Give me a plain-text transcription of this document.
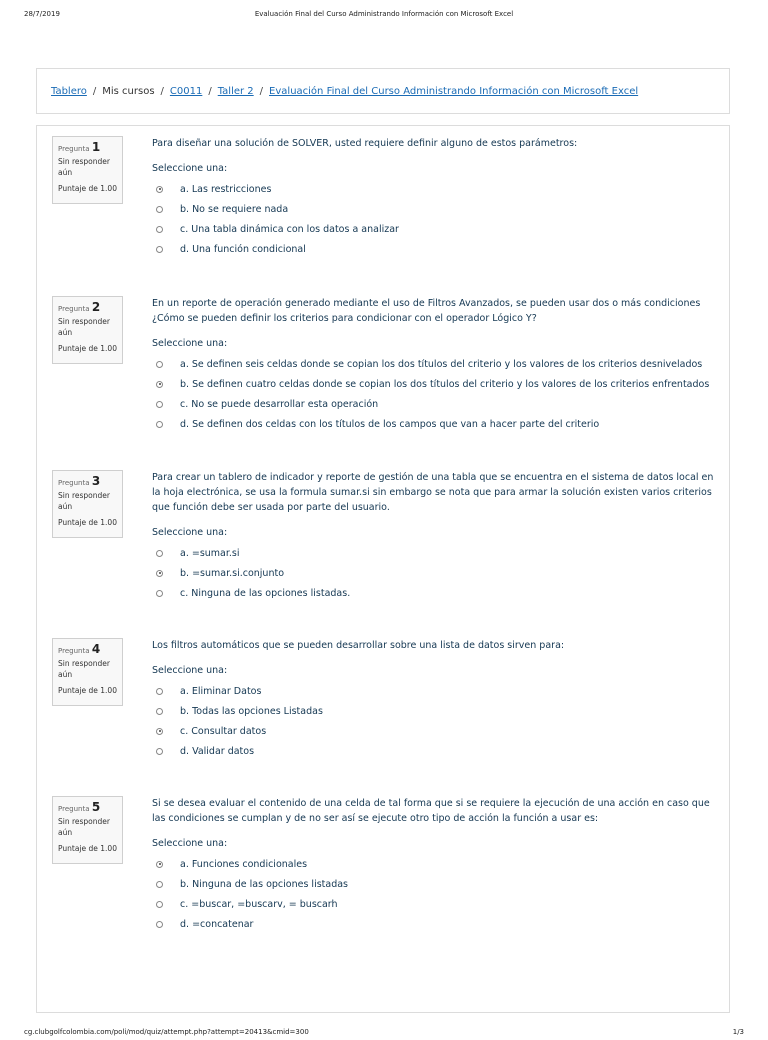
28/7/2019	Evaluación Final del Curso Administrando Información con Microsoft Excel
Tablero / Mis cursos / C0011 / Taller 2 / Evaluación Final del Curso Administrando Información con Microsoft Excel
Pregunta 1
Sin responder aún
Puntaje de 1.00

Para diseñar una solución de SOLVER, usted requiere definir alguno de estos parámetros:

Seleccione una:
a. Las restricciones
b. No se requiere nada
c. Una tabla dinámica con los datos a analizar
d. Una función condicional
Pregunta 2
Sin responder aún
Puntaje de 1.00

En un reporte de operación generado mediante el uso de Filtros Avanzados, se pueden usar dos o más condiciones ¿Cómo se pueden definir los criterios para condicionar con el operador Lógico Y?

Seleccione una:
a. Se definen seis celdas donde se copian los dos títulos del criterio y los valores de los criterios desnivelados
b. Se definen cuatro celdas donde se copian los dos títulos del criterio y los valores de los criterios enfrentados
c. No se puede desarrollar esta operación
d. Se definen dos celdas con los títulos de los campos que van a hacer parte del criterio
Pregunta 3
Sin responder aún
Puntaje de 1.00

Para crear un tablero de indicador y reporte de gestión de una tabla que se encuentra en el sistema de datos local en la hoja electrónica, se usa la formula sumar.si sin embargo se nota que para armar la solución existen varios criterios que función debe ser usada por parte del usuario.

Seleccione una:
a. =sumar.si
b. =sumar.si.conjunto
c. Ninguna de las opciones listadas.
Pregunta 4
Sin responder aún
Puntaje de 1.00

Los filtros automáticos que se pueden desarrollar sobre una lista de datos sirven para:

Seleccione una:
a. Eliminar Datos
b. Todas las opciones Listadas
c. Consultar datos
d. Validar datos
Pregunta 5
Sin responder aún
Puntaje de 1.00

Si se desea evaluar el contenido de una celda de tal forma que si se requiere la ejecución de una acción en caso que las condiciones se cumplan y de no ser así se ejecute otro tipo de acción la función a usar es:

Seleccione una:
a. Funciones condicionales
b. Ninguna de las opciones listadas
c. =buscar, =buscarv, = buscarh
d. =concatenar
cg.clubgolfcolombia.com/poli/mod/quiz/attempt.php?attempt=20413&cmid=300	1/3
